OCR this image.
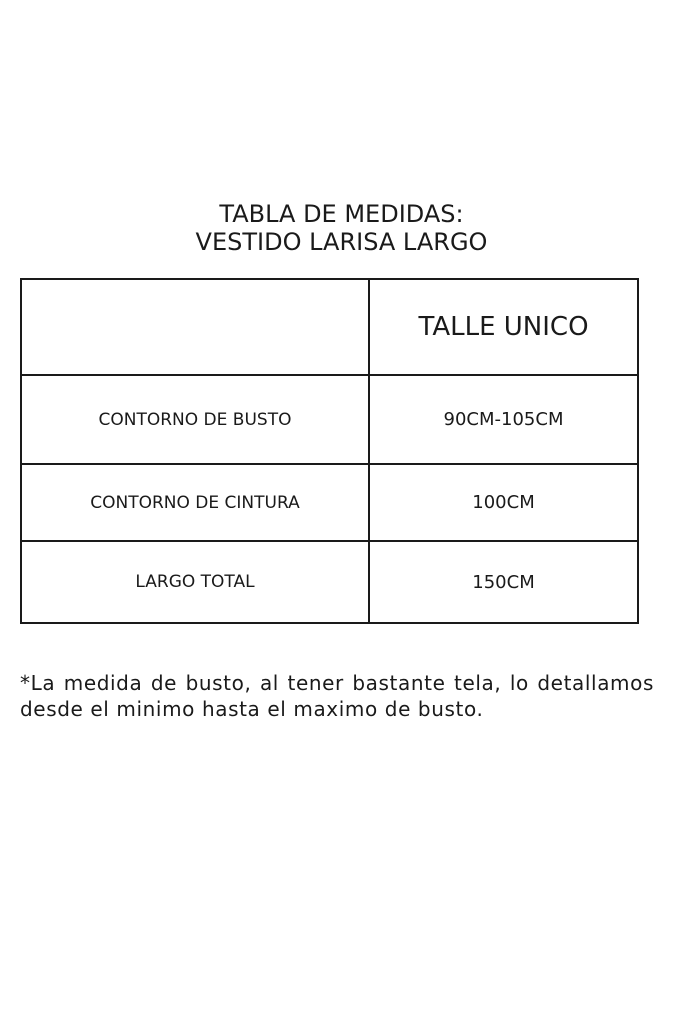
TABLA DE MEDIDAS:
VESTIDO LARISA LARGO
	TALLE UNICO
CONTORNO DE BUSTO	90CM-105CM
CONTORNO DE CINTURA	100CM
LARGO TOTAL	150CM

*La medida de busto, al tener bastante tela, lo detallamos desde el minimo hasta el maximo de busto.
